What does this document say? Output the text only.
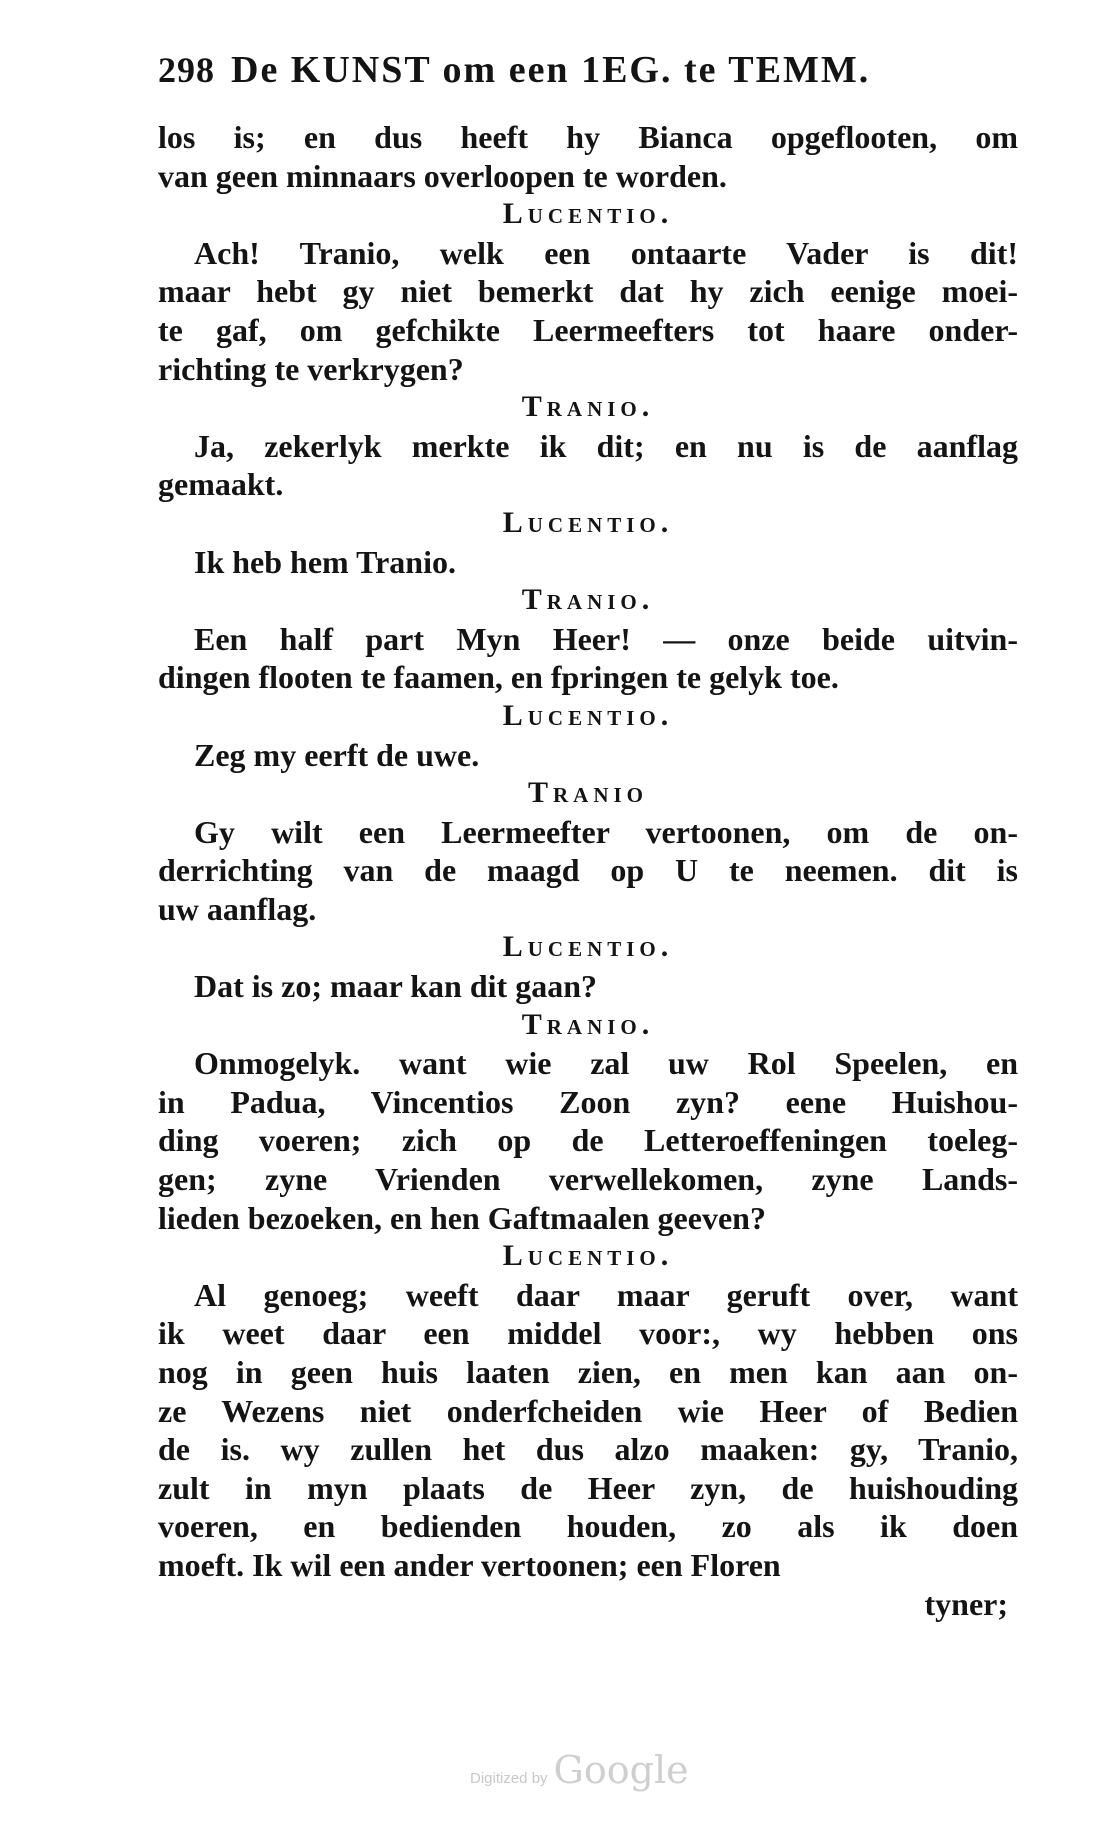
298 De KUNST om een 1EG. te TEMM.
los is; en dus heeft hy Bianca opgeflooten, om
van geen minnaars overloopen te worden.
Lucentio.
Ach! Tranio, welk een ontaarte Vader is dit!
maar hebt gy niet bemerkt dat hy zich eenige moei-
te gaf, om gefchikte Leermeefters tot haare onder-
richting te verkrygen?
Tranio.
Ja, zekerlyk merkte ik dit; en nu is de aanflag
gemaakt.
Lucentio.
Ik heb hem Tranio.
Tranio.
Een half part Myn Heer! — onze beide uitvin-
dingen flooten te faamen, en fpringen te gelyk toe.
Lucentio.
Zeg my eerft de uwe.
Tranio
Gy wilt een Leermeefter vertoonen, om de on-
derrichting van de maagd op U te neemen. dit is
uw aanflag.
Lucentio.
Dat is zo; maar kan dit gaan?
Tranio.
Onmogelyk. want wie zal uw Rol Speelen, en
in Padua, Vincentios Zoon zyn? eene Huishou-
ding voeren; zich op de Letteroeffeningen toeleg-
gen; zyne Vrienden verwellekomen, zyne Lands-
lieden bezoeken, en hen Gaftmaalen geeven?
Lucentio.
Al genoeg; weeft daar maar geruft over, want
ik weet daar een middel voor:, wy hebben ons
nog in geen huis laaten zien, en men kan aan on-
ze Wezens niet onderfcheiden wie Heer of Bedien
de is. wy zullen het dus alzo maaken: gy, Tranio,
zult in myn plaats de Heer zyn, de huishouding
voeren, en bedienden houden, zo als ik doen
moeft. Ik wil een ander vertoonen; een Floren
tyner;
Digitized by Google
